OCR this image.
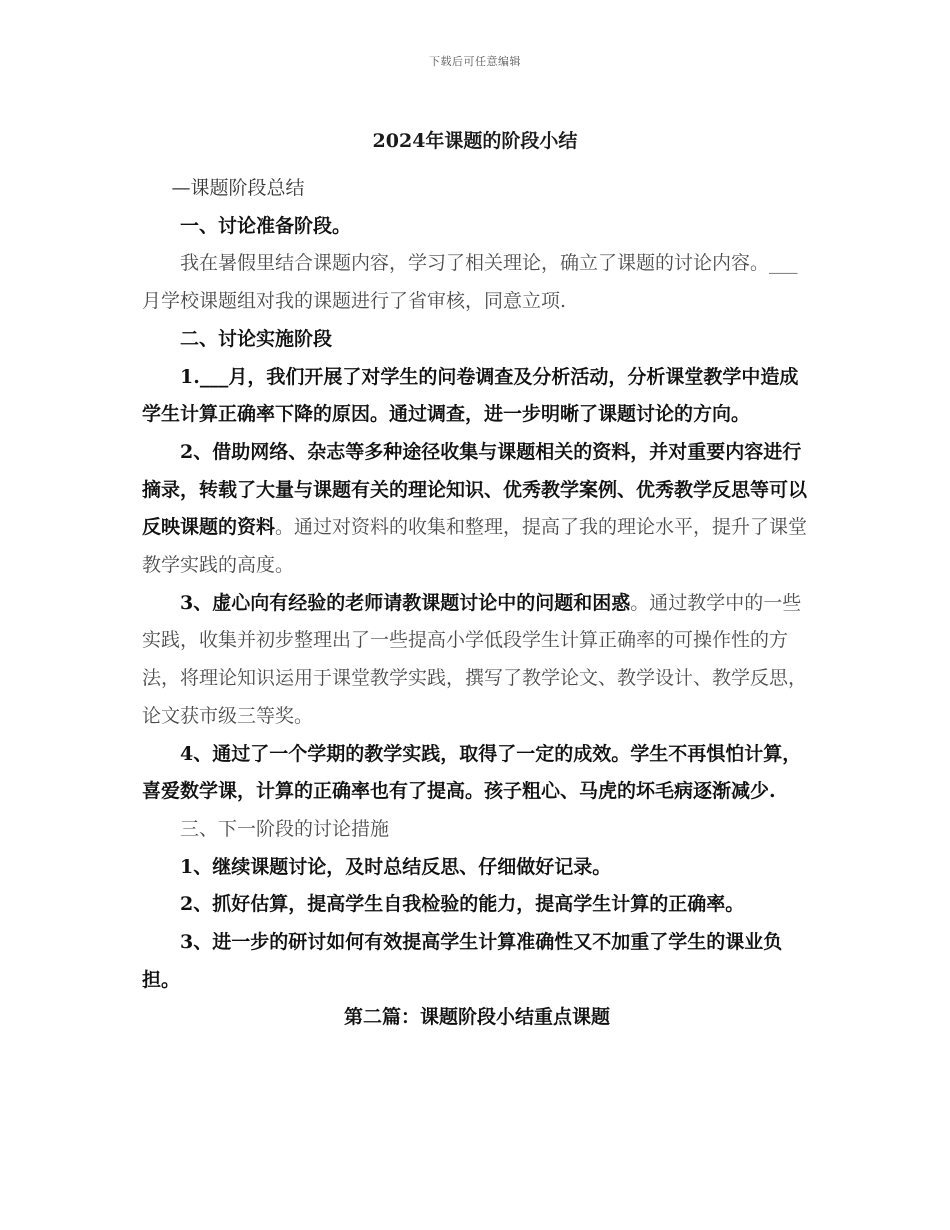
下载后可任意编辑
2024年课题的阶段小结

—课题阶段总结

一、讨论准备阶段。

我在暑假里结合课题内容，学习了相关理论，确立了课题的讨论内容。___月学校课题组对我的课题进行了省审核，同意立项.

二、讨论实施阶段

1.___月，我们开展了对学生的问卷调查及分析活动，分析课堂教学中造成学生计算正确率下降的原因。通过调查，进一步明晰了课题讨论的方向。

2、借助网络、杂志等多种途径收集与课题相关的资料，并对重要内容进行摘录，转载了大量与课题有关的理论知识、优秀教学案例、优秀教学反思等可以反映课题的资料。通过对资料的收集和整理，提高了我的理论水平，提升了课堂教学实践的高度。

3、虚心向有经验的老师请教课题讨论中的问题和困惑。通过教学中的一些实践，收集并初步整理出了一些提高小学低段学生计算正确率的可操作性的方法，将理论知识运用于课堂教学实践，撰写了教学论文、教学设计、教学反思，论文获市级三等奖。

4、通过了一个学期的教学实践，取得了一定的成效。学生不再惧怕计算，喜爱数学课，计算的正确率也有了提高。孩子粗心、马虎的坏毛病逐渐减少.

三、下一阶段的讨论措施

1、继续课题讨论，及时总结反思、仔细做好记录。

2、抓好估算，提高学生自我检验的能力，提高学生计算的正确率。

3、进一步的研讨如何有效提高学生计算准确性又不加重了学生的课业负担。

第二篇：课题阶段小结重点课题
